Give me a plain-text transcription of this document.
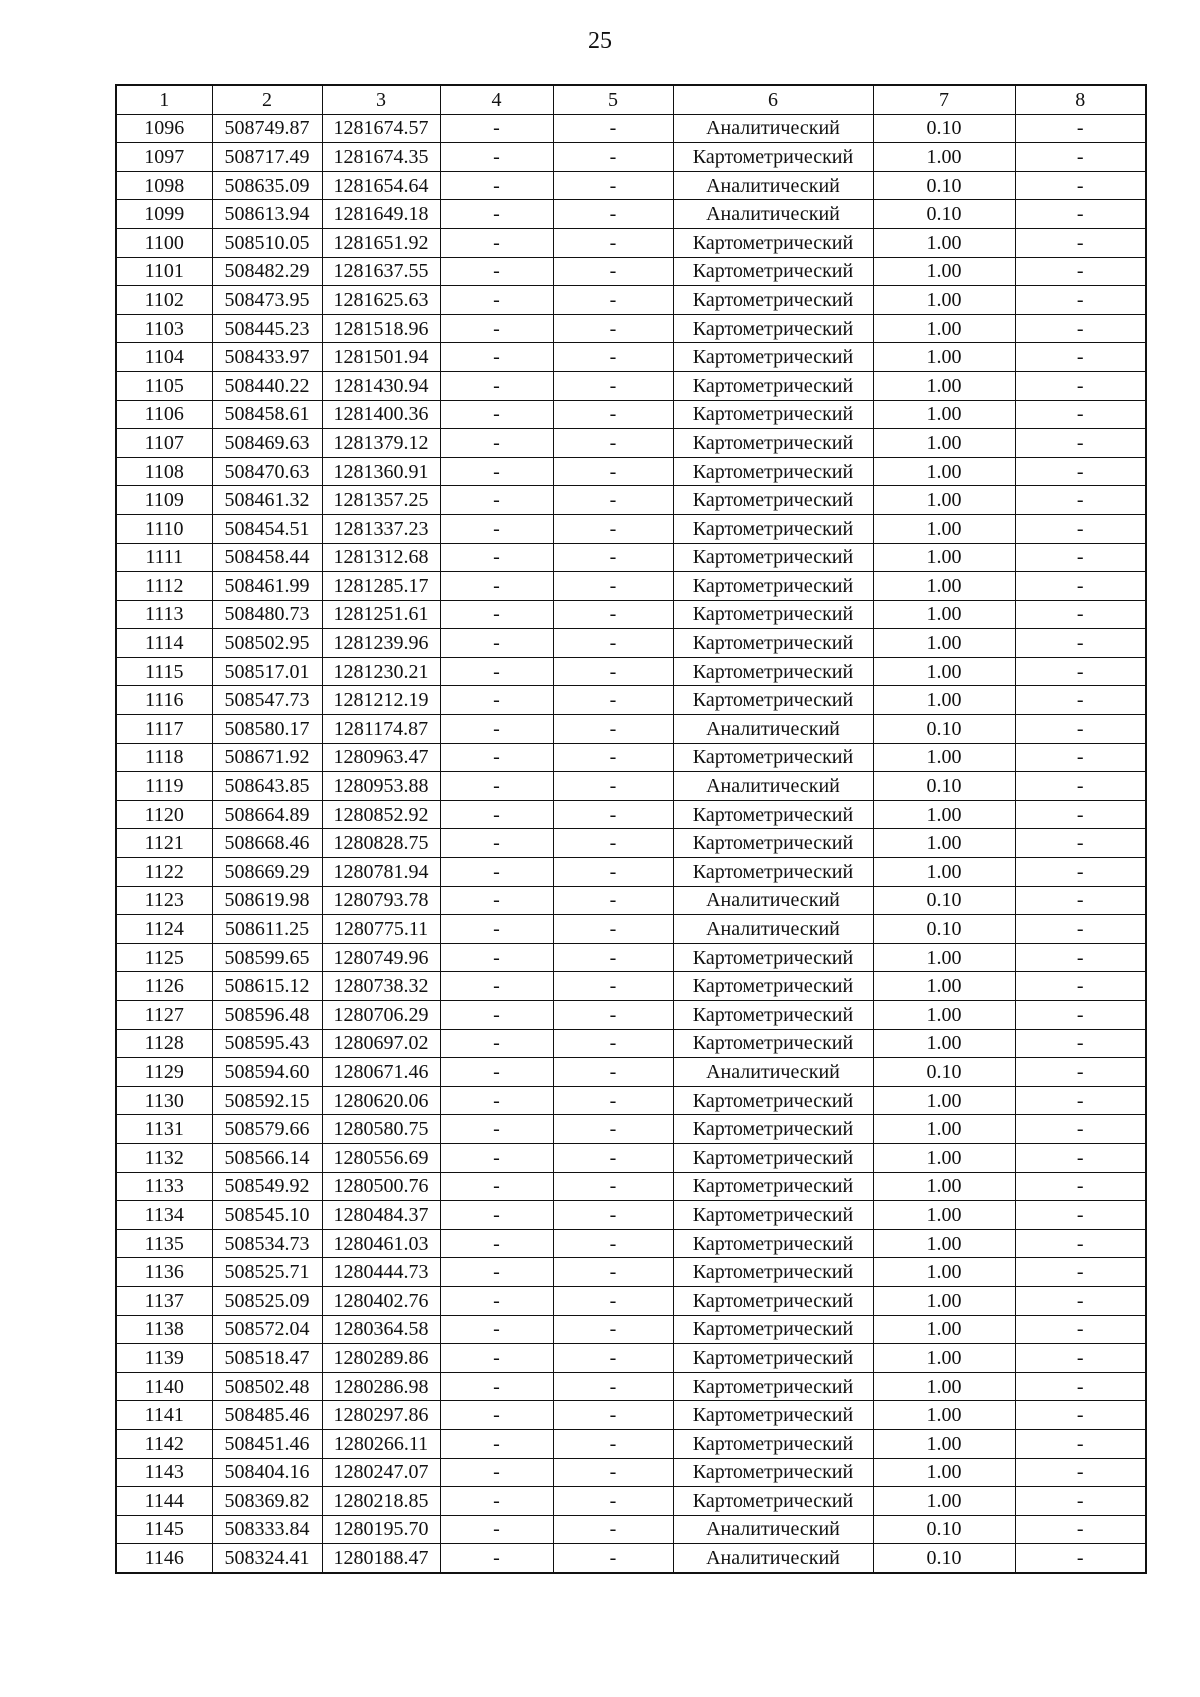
25
1	2	3	4	5	6	7	8
1096	508749.87	1281674.57	-	-	Аналитический	0.10	-
1097	508717.49	1281674.35	-	-	Картометрический	1.00	-
1098	508635.09	1281654.64	-	-	Аналитический	0.10	-
1099	508613.94	1281649.18	-	-	Аналитический	0.10	-
1100	508510.05	1281651.92	-	-	Картометрический	1.00	-
1101	508482.29	1281637.55	-	-	Картометрический	1.00	-
1102	508473.95	1281625.63	-	-	Картометрический	1.00	-
1103	508445.23	1281518.96	-	-	Картометрический	1.00	-
1104	508433.97	1281501.94	-	-	Картометрический	1.00	-
1105	508440.22	1281430.94	-	-	Картометрический	1.00	-
1106	508458.61	1281400.36	-	-	Картометрический	1.00	-
1107	508469.63	1281379.12	-	-	Картометрический	1.00	-
1108	508470.63	1281360.91	-	-	Картометрический	1.00	-
1109	508461.32	1281357.25	-	-	Картометрический	1.00	-
1110	508454.51	1281337.23	-	-	Картометрический	1.00	-
1111	508458.44	1281312.68	-	-	Картометрический	1.00	-
1112	508461.99	1281285.17	-	-	Картометрический	1.00	-
1113	508480.73	1281251.61	-	-	Картометрический	1.00	-
1114	508502.95	1281239.96	-	-	Картометрический	1.00	-
1115	508517.01	1281230.21	-	-	Картометрический	1.00	-
1116	508547.73	1281212.19	-	-	Картометрический	1.00	-
1117	508580.17	1281174.87	-	-	Аналитический	0.10	-
1118	508671.92	1280963.47	-	-	Картометрический	1.00	-
1119	508643.85	1280953.88	-	-	Аналитический	0.10	-
1120	508664.89	1280852.92	-	-	Картометрический	1.00	-
1121	508668.46	1280828.75	-	-	Картометрический	1.00	-
1122	508669.29	1280781.94	-	-	Картометрический	1.00	-
1123	508619.98	1280793.78	-	-	Аналитический	0.10	-
1124	508611.25	1280775.11	-	-	Аналитический	0.10	-
1125	508599.65	1280749.96	-	-	Картометрический	1.00	-
1126	508615.12	1280738.32	-	-	Картометрический	1.00	-
1127	508596.48	1280706.29	-	-	Картометрический	1.00	-
1128	508595.43	1280697.02	-	-	Картометрический	1.00	-
1129	508594.60	1280671.46	-	-	Аналитический	0.10	-
1130	508592.15	1280620.06	-	-	Картометрический	1.00	-
1131	508579.66	1280580.75	-	-	Картометрический	1.00	-
1132	508566.14	1280556.69	-	-	Картометрический	1.00	-
1133	508549.92	1280500.76	-	-	Картометрический	1.00	-
1134	508545.10	1280484.37	-	-	Картометрический	1.00	-
1135	508534.73	1280461.03	-	-	Картометрический	1.00	-
1136	508525.71	1280444.73	-	-	Картометрический	1.00	-
1137	508525.09	1280402.76	-	-	Картометрический	1.00	-
1138	508572.04	1280364.58	-	-	Картометрический	1.00	-
1139	508518.47	1280289.86	-	-	Картометрический	1.00	-
1140	508502.48	1280286.98	-	-	Картометрический	1.00	-
1141	508485.46	1280297.86	-	-	Картометрический	1.00	-
1142	508451.46	1280266.11	-	-	Картометрический	1.00	-
1143	508404.16	1280247.07	-	-	Картометрический	1.00	-
1144	508369.82	1280218.85	-	-	Картометрический	1.00	-
1145	508333.84	1280195.70	-	-	Аналитический	0.10	-
1146	508324.41	1280188.47	-	-	Аналитический	0.10	-
